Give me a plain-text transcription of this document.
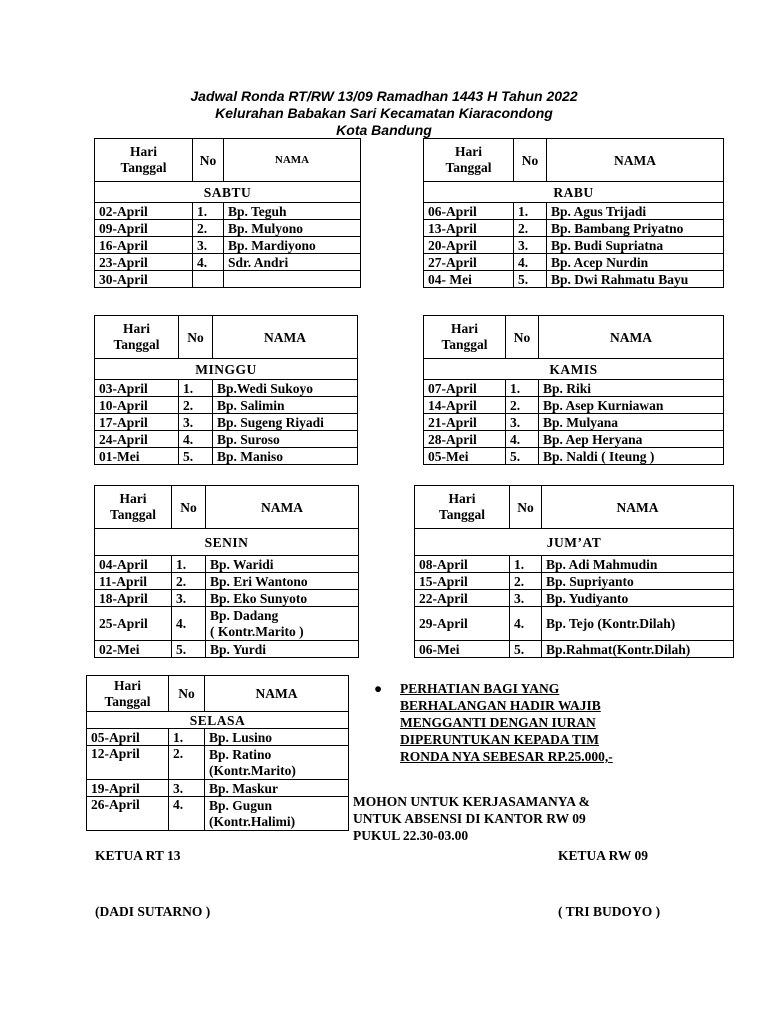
Jadwal Ronda RT/RW 13/09 Ramadhan 1443 H Tahun 2022
Kelurahan Babakan Sari Kecamatan Kiaracondong
Kota Bandung
Hari
Tanggal	No	NAMA
SABTU		
02-April	1.	Bp. Teguh
09-April	2.	Bp. Mulyono
16-April	3.	Bp. Mardiyono
23-April	4.	Sdr. Andri
30-April		
Hari
Tanggal	No	NAMA
RABU		
06-April	1.	Bp. Agus Trijadi
13-April	2.	Bp. Bambang Priyatno
20-April	3.	Bp. Budi Supriatna
27-April	4.	Bp. Acep Nurdin
04- Mei	5.	Bp. Dwi Rahmatu Bayu
Hari
Tanggal	No	NAMA
MINGGU		
03-April	1.	Bp.Wedi Sukoyo
10-April	2.	Bp. Salimin
17-April	3.	Bp. Sugeng Riyadi
24-April	4.	Bp. Suroso
01-Mei	5.	Bp. Maniso
Hari
Tanggal	No	NAMA
KAMIS		
07-April	1.	Bp. Riki
14-April	2.	Bp. Asep Kurniawan
21-April	3.	Bp. Mulyana
28-April	4.	Bp. Aep Heryana
05-Mei	5.	Bp. Naldi ( Iteung )
Hari
Tanggal	No	NAMA
SENIN		
04-April	1.	Bp. Waridi
11-April	2.	Bp. Eri Wantono
18-April	3.	Bp. Eko Sunyoto
25-April	4.	Bp. Dadang
( Kontr.Marito )
02-Mei	5.	Bp. Yurdi
Hari
Tanggal	No	NAMA
JUM’AT		
08-April	1.	Bp. Adi Mahmudin
15-April	2.	Bp. Supriyanto
22-April	3.	Bp. Yudiyanto
29-April	4.	Bp. Tejo (Kontr.Dilah)
06-Mei	5.	Bp.Rahmat(Kontr.Dilah)
Hari
Tanggal	No	NAMA
SELASA		
05-April	1.	Bp. Lusino
12-April	2.	Bp. Ratino
(Kontr.Marito)
19-April	3.	Bp. Maskur
26-April	4.	Bp. Gugun
(Kontr.Halimi)
● PERHATIAN BAGI YANG
BERHALANGAN HADIR WAJIB
MENGGANTI DENGAN IURAN
DIPERUNTUKAN KEPADA TIM
RONDA NYA SEBESAR RP.25.000,-
MOHON UNTUK KERJASAMANYA &
UNTUK ABSENSI DI KANTOR RW 09
PUKUL 22.30-03.00
KETUA RT 13	KETUA RW 09
(DADI SUTARNO )	( TRI BUDOYO )
